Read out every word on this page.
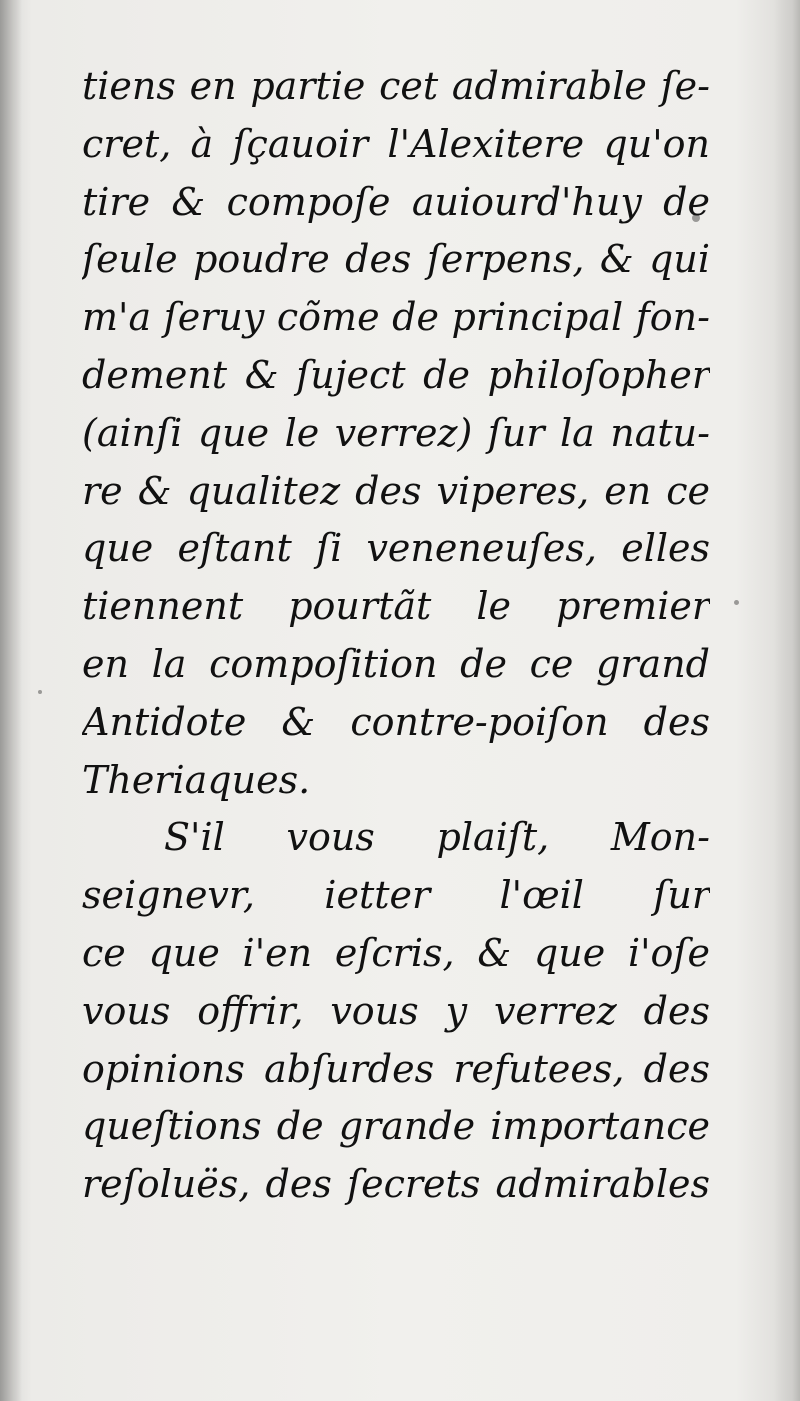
tiens en partie cet admirable ſe-
cret, à ſçauoir l'Alexitere qu'on
tire & compoſe auiourd'huy de
ſeule poudre des ſerpens, & qui
m'a ſeruy cõme de principal fon-
dement & ſuject de philoſopher
(ainſi que le verrez) ſur la natu-
re & qualitez des viperes, en ce
que eſtant ſi veneneuſes, elles
tiennent pourtãt le premier
en la compoſition de ce grand
Antidote & contre-poiſon des
Theriaques.
S'il vous plaiſt, Mon-
seignevr, ietter l'œil ſur
ce que i'en eſcris, & que i'oſe
vous offrir, vous y verrez des
opinions abſurdes refutees, des
queſtions de grande importance
reſoluës, des ſecrets admirables
